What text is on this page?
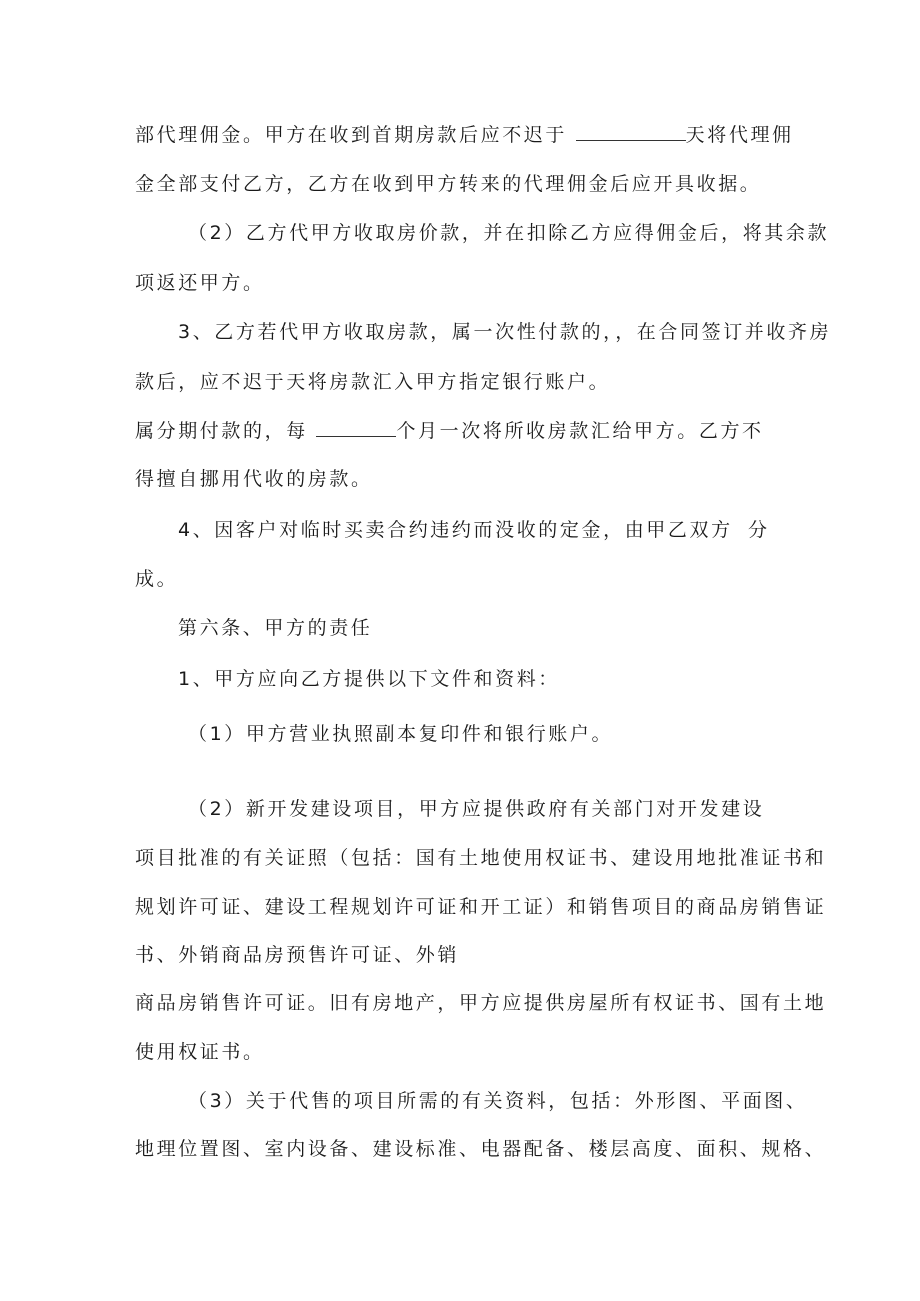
部代理佣金。甲方在收到首期房款后应不迟于	天将代理佣
金全部支付乙方，乙方在收到甲方转来的代理佣金后应开具收据。
（2）乙方代甲方收取房价款，并在扣除乙方应得佣金后，将其余款
项返还甲方。
3、乙方若代甲方收取房款，属一次性付款的，，在合同签订并收齐房
款后，应不迟于天将房款汇入甲方指定银行账户。
属分期付款的，每	个月一次将所收房款汇给甲方。乙方不
得擅自挪用代收的房款。
4、因客户对临时买卖合约违约而没收的定金，由甲乙双方 分
成。
第六条、甲方的责任
1、甲方应向乙方提供以下文件和资料：
（1）甲方营业执照副本复印件和银行账户。
（2）新开发建设项目，甲方应提供政府有关部门对开发建设
项目批准的有关证照（包括：国有土地使用权证书、建设用地批准证书和
规划许可证、建设工程规划许可证和开工证）和销售项目的商品房销售证
书、外销商品房预售许可证、外销
商品房销售许可证。旧有房地产，甲方应提供房屋所有权证书、国有土地
使用权证书。
（3）关于代售的项目所需的有关资料，包括：外形图、平面图、
地理位置图、室内设备、建设标准、电器配备、楼层高度、面积、规格、
